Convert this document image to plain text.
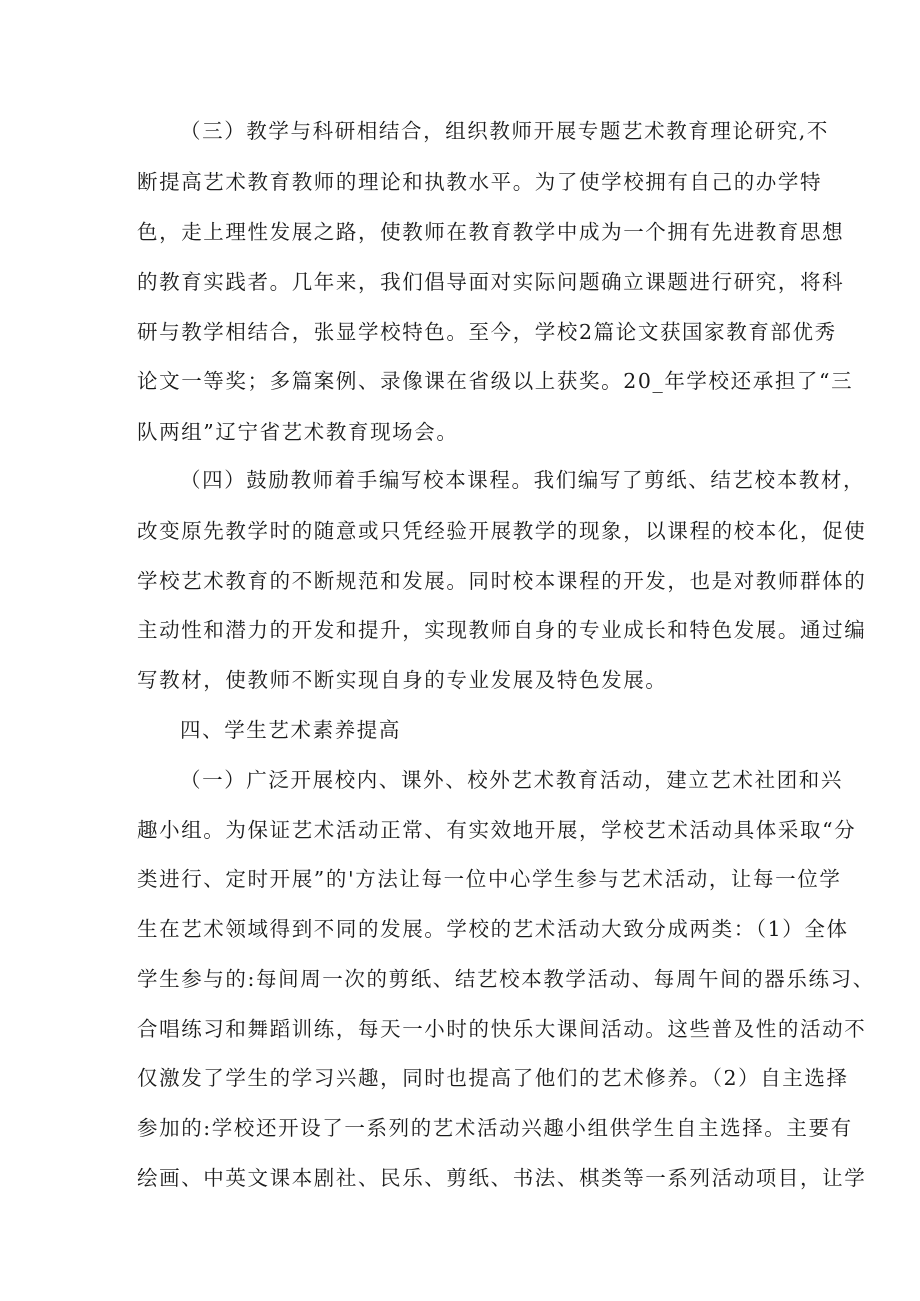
（三）教学与科研相结合，组织教师开展专题艺术教育理论研究,不

断提高艺术教育教师的理论和执教水平。为了使学校拥有自己的办学特

色，走上理性发展之路，使教师在教育教学中成为一个拥有先进教育思想

的教育实践者。几年来，我们倡导面对实际问题确立课题进行研究，将科

研与教学相结合，张显学校特色。至今，学校2篇论文获国家教育部优秀

论文一等奖；多篇案例、录像课在省级以上获奖。20_年学校还承担了“三

队两组”辽宁省艺术教育现场会。

（四）鼓励教师着手编写校本课程。我们编写了剪纸、结艺校本教材，

改变原先教学时的随意或只凭经验开展教学的现象，以课程的校本化，促使

学校艺术教育的不断规范和发展。同时校本课程的开发，也是对教师群体的

主动性和潜力的开发和提升，实现教师自身的专业成长和特色发展。通过编

写教材，使教师不断实现自身的专业发展及特色发展。

四、学生艺术素养提高

（一）广泛开展校内、课外、校外艺术教育活动，建立艺术社团和兴

趣小组。为保证艺术活动正常、有实效地开展，学校艺术活动具体采取“分

类进行、定时开展”的'方法让每一位中心学生参与艺术活动，让每一位学

生在艺术领域得到不同的发展。学校的艺术活动大致分成两类：（1）全体

学生参与的:每间周一次的剪纸、结艺校本教学活动、每周午间的器乐练习、

合唱练习和舞蹈训练，每天一小时的快乐大课间活动。这些普及性的活动不

仅激发了学生的学习兴趣，同时也提高了他们的艺术修养。（2）自主选择

参加的:学校还开设了一系列的艺术活动兴趣小组供学生自主选择。主要有

绘画、中英文课本剧社、民乐、剪纸、书法、棋类等一系列活动项目，让学
